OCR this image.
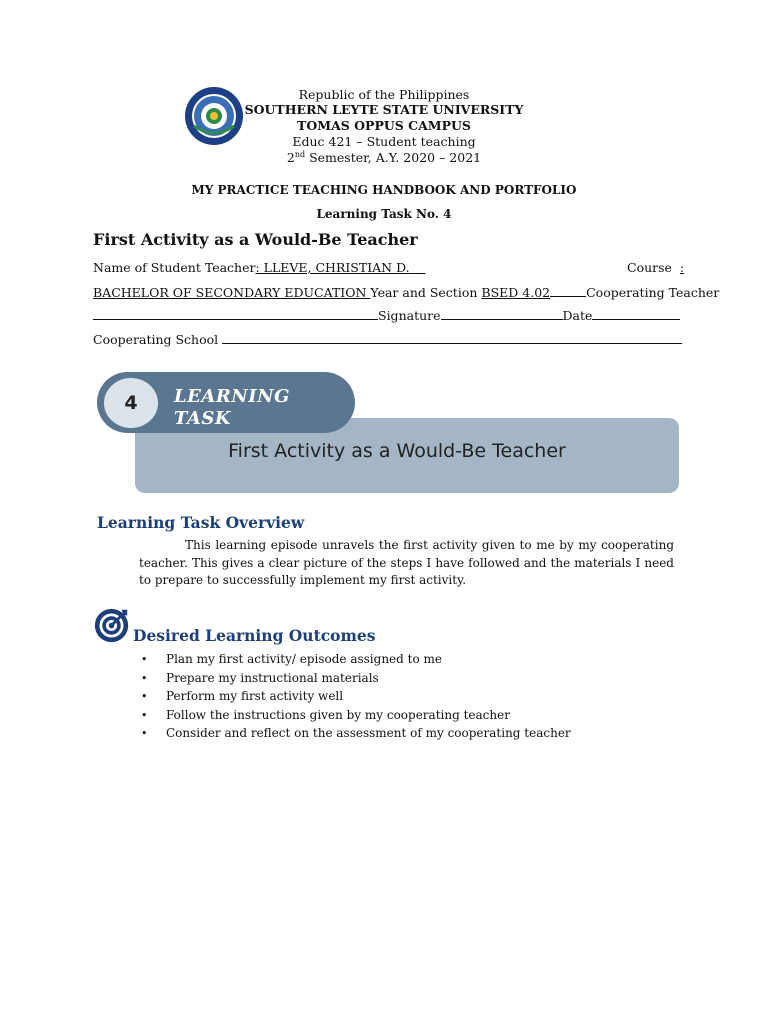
Republic of the Philippines
SOUTHERN LEYTE STATE UNIVERSITY
TOMAS OPPUS CAMPUS
Educ 421 – Student teaching
2nd Semester, A.Y. 2020 – 2021
MY PRACTICE TEACHING HANDBOOK AND PORTFOLIO
Learning Task No. 4
First Activity as a Would-Be Teacher
Name of Student Teacher: LLEVE, CHRISTIAN D.	Course :
BACHELOR OF SECONDARY EDUCATION Year and Section BSED 4.02	Cooperating Teacher
Signature	Date
Cooperating School
First Activity as a Would-Be Teacher
4	LEARNING
TASK
Learning Task Overview
This learning episode unravels the first activity given to me by my cooperating teacher. This gives a clear picture of the steps I have followed and the materials I need to prepare to successfully implement my first activity.
Desired Learning Outcomes
• Plan my first activity/ episode assigned to me
• Prepare my instructional materials
• Perform my first activity well
• Follow the instructions given by my cooperating teacher
• Consider and reflect on the assessment of my cooperating teacher
